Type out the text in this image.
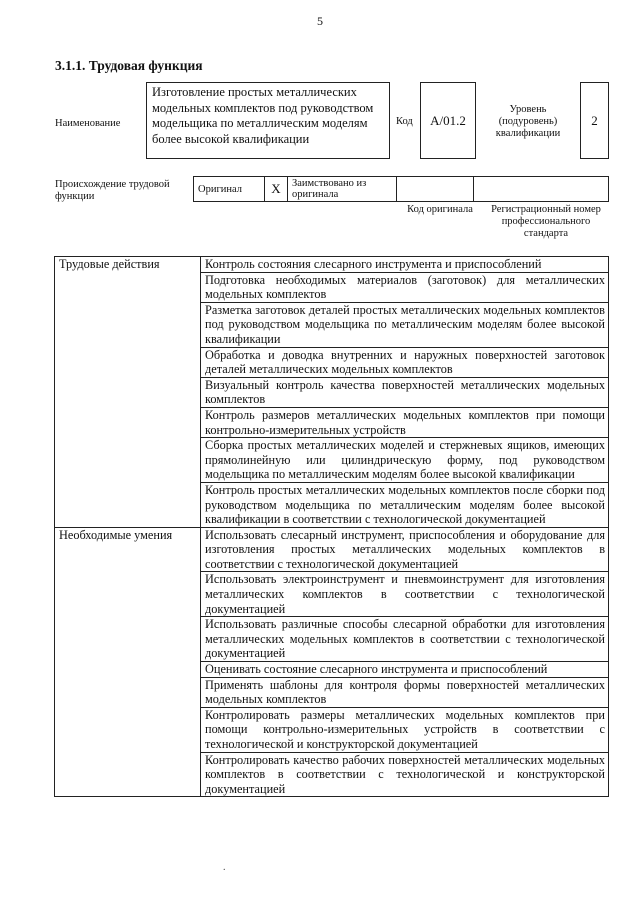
5
3.1.1. Трудовая функция
Наименование
Изготовление простых металлических модельных комплектов под руководством модельщика по металлическим моделям более высокой квалификации
Код A/01.2
Уровень (подуровень) квалификации
2
Происхождение трудовой функции
Оригинал	X	Заимствовано из оригинала		
Код оригинала	Регистрационный номер профессионального стандарта
Трудовые действия	Контроль состояния слесарного инструмента и приспособлений
	Подготовка необходимых материалов (заготовок) для металлических модельных комплектов
	Разметка заготовок деталей простых металлических модельных комплектов под руководством модельщика по металлическим моделям более высокой квалификации
	Обработка и доводка внутренних и наружных поверхностей заготовок деталей металлических модельных комплектов
	Визуальный контроль качества поверхностей металлических модельных комплектов
	Контроль размеров металлических модельных комплектов при помощи контрольно-измерительных устройств
	Сборка простых металлических моделей и стержневых ящиков, имеющих прямолинейную или цилиндрическую форму, под руководством модельщика по металлическим моделям более высокой квалификации
	Контроль простых металлических модельных комплектов после сборки под руководством модельщика по металлическим моделям более высокой квалификации в соответствии с технологической документацией
Необходимые умения	Использовать слесарный инструмент, приспособления и оборудование для изготовления простых металлических модельных комплектов в соответствии с технологической документацией
	Использовать электроинструмент и пневмоинструмент для изготовления металлических комплектов в соответствии с технологической документацией
	Использовать различные способы слесарной обработки для изготовления металлических модельных комплектов в соответствии с технологической документацией
	Оценивать состояние слесарного инструмента и приспособлений
	Применять шаблоны для контроля формы поверхностей металлических модельных комплектов
	Контролировать размеры металлических модельных комплектов при помощи контрольно-измерительных устройств в соответствии с технологической и конструкторской документацией
	Контролировать качество рабочих поверхностей металлических модельных комплектов в соответствии с технологической и конструкторской документацией
.
